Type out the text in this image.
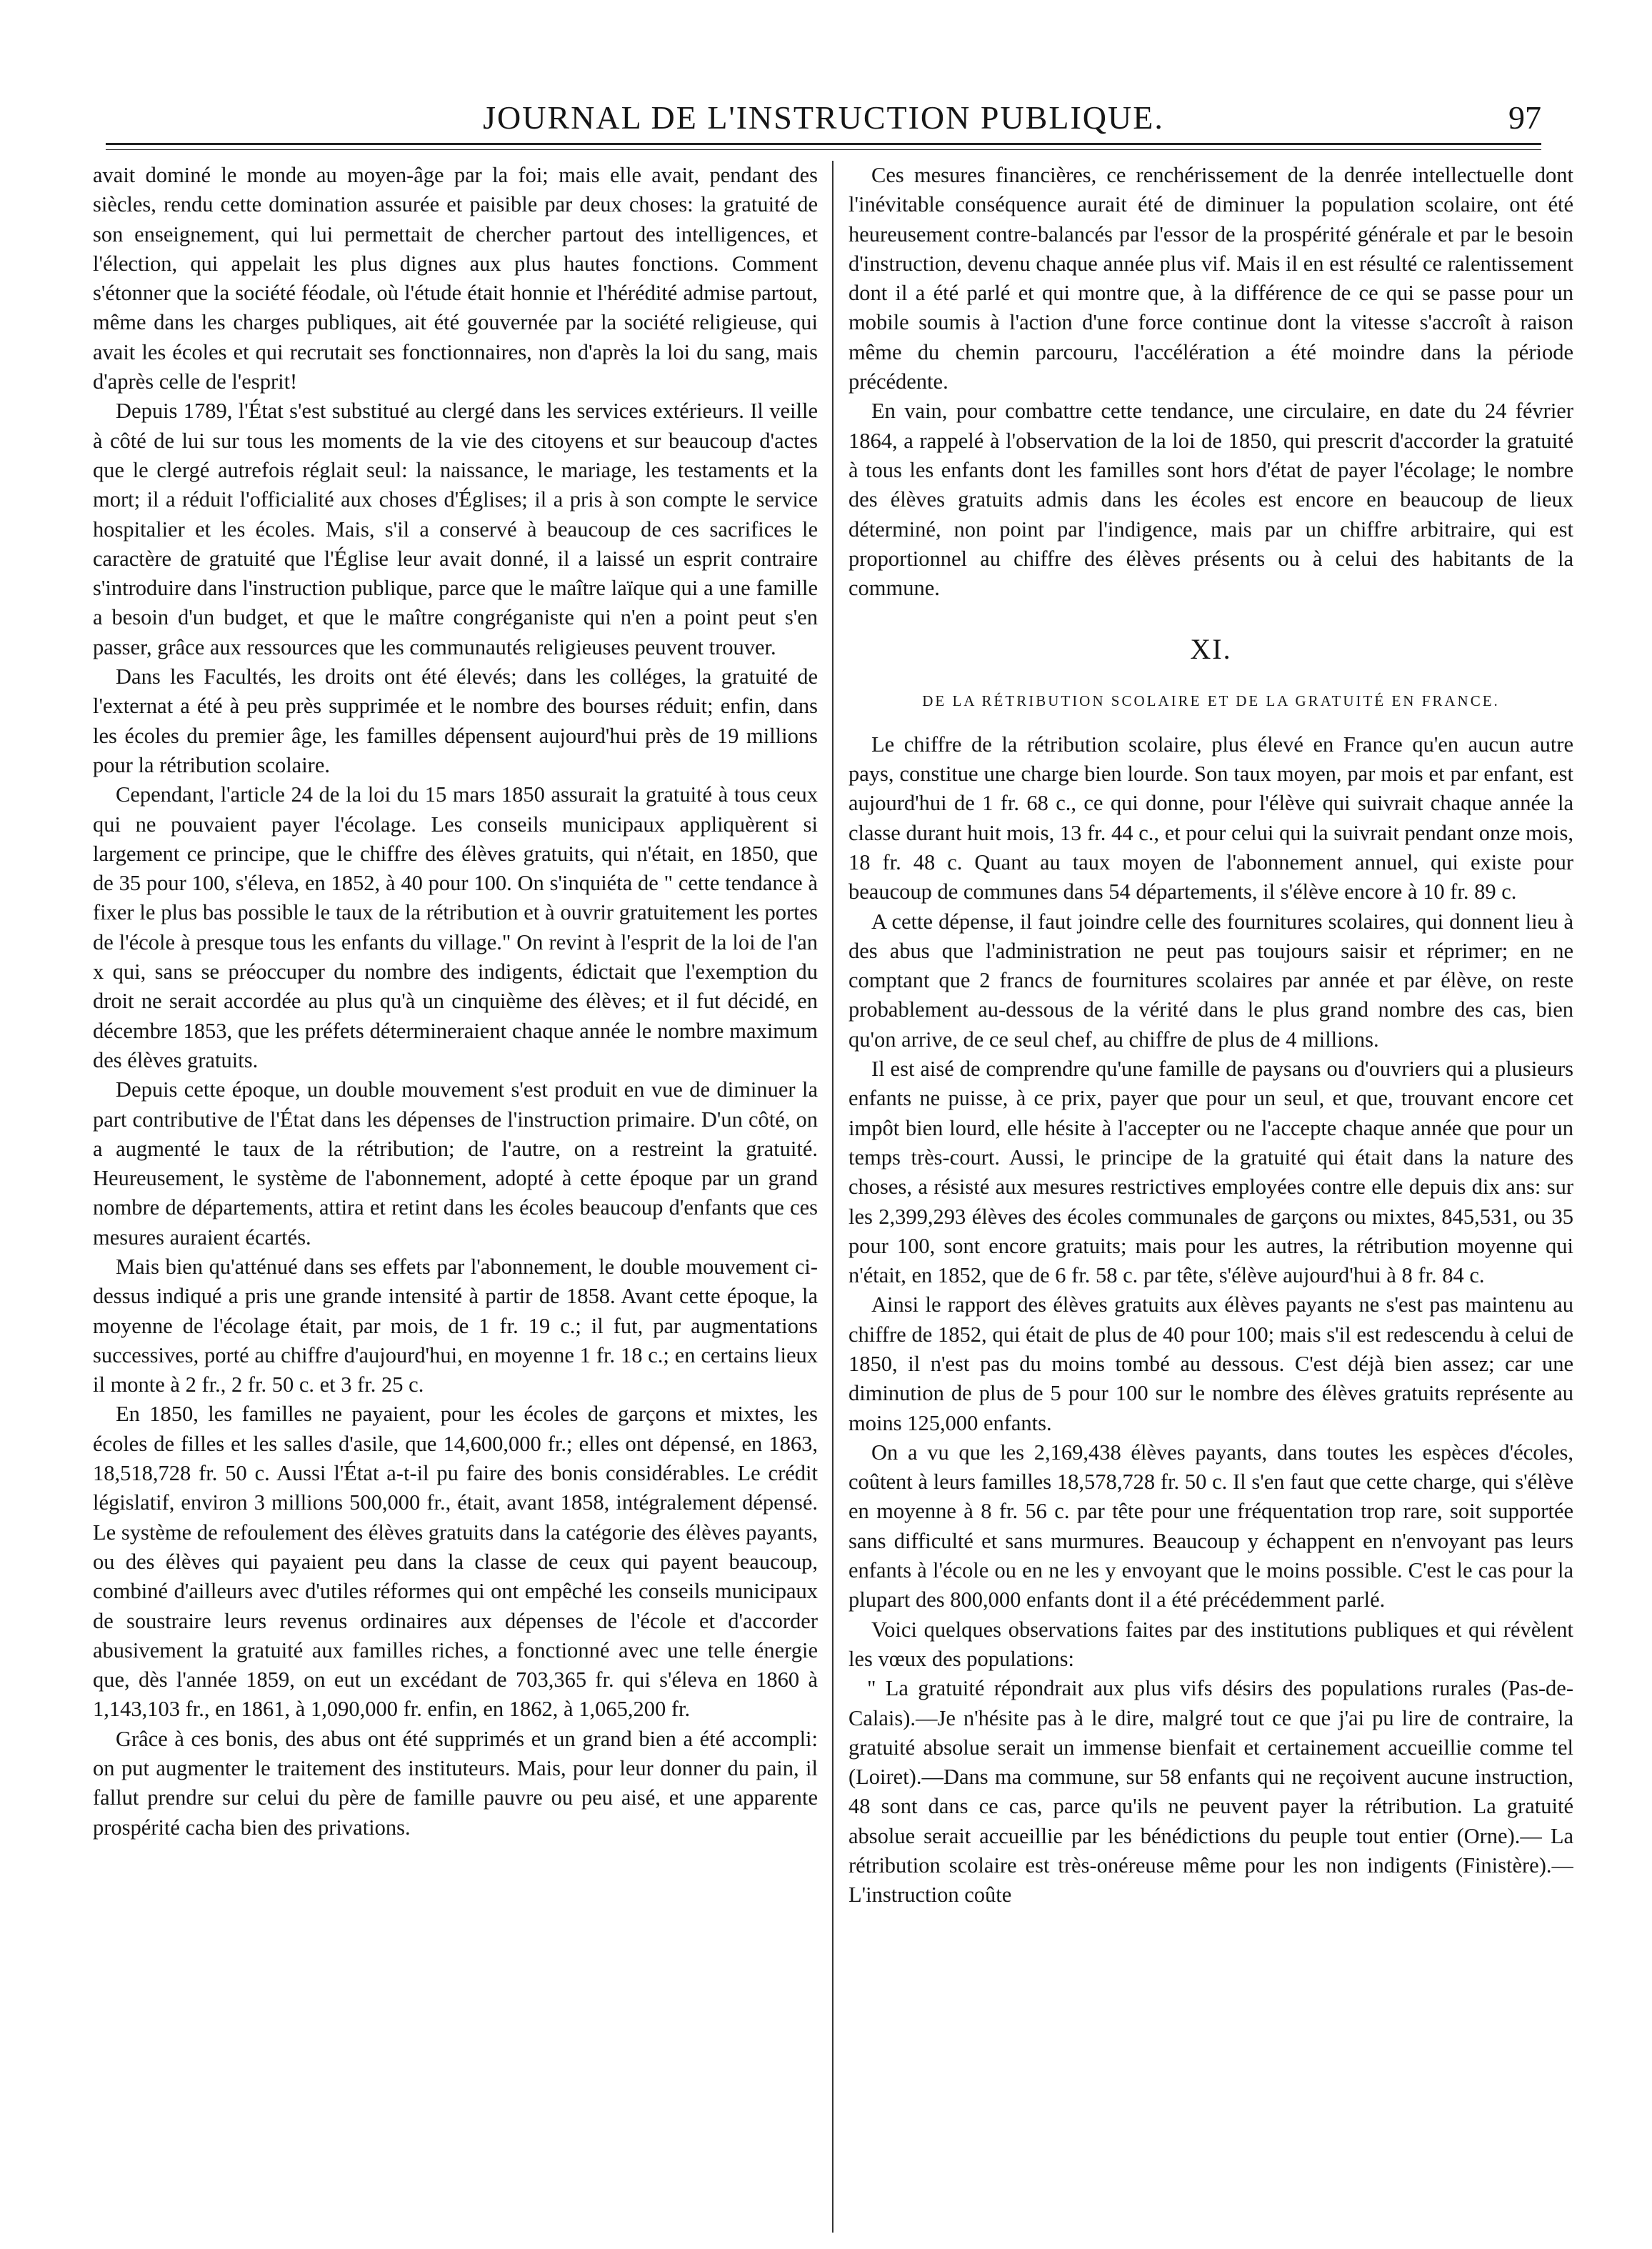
JOURNAL DE L'INSTRUCTION PUBLIQUE.	97

avait dominé le monde au moyen-âge par la foi; mais elle avait, pendant des siècles, rendu cette domination assurée et paisible par deux choses: la gratuité de son enseignement, qui lui permettait de chercher partout des intelligences, et l'élection, qui appelait les plus dignes aux plus hautes fonctions. Comment s'étonner que la société féodale, où l'étude était honnie et l'hérédité admise partout, même dans les charges publiques, ait été gouvernée par la société religieuse, qui avait les écoles et qui recrutait ses fonctionnaires, non d'après la loi du sang, mais d'après celle de l'esprit!

Depuis 1789, l'État s'est substitué au clergé dans les services extérieurs. Il veille à côté de lui sur tous les moments de la vie des citoyens et sur beaucoup d'actes que le clergé autrefois réglait seul: la naissance, le mariage, les testaments et la mort; il a réduit l'officialité aux choses d'Églises; il a pris à son compte le service hospitalier et les écoles. Mais, s'il a conservé à beaucoup de ces sacrifices le caractère de gratuité que l'Église leur avait donné, il a laissé un esprit contraire s'introduire dans l'instruction publique, parce que le maître laïque qui a une famille a besoin d'un budget, et que le maître congréganiste qui n'en a point peut s'en passer, grâce aux ressources que les communautés religieuses peuvent trouver.

Dans les Facultés, les droits ont été élevés; dans les colléges, la gratuité de l'externat a été à peu près supprimée et le nombre des bourses réduit; enfin, dans les écoles du premier âge, les familles dépensent aujourd'hui près de 19 millions pour la rétribution scolaire.

Cependant, l'article 24 de la loi du 15 mars 1850 assurait la gratuité à tous ceux qui ne pouvaient payer l'écolage. Les conseils municipaux appliquèrent si largement ce principe, que le chiffre des élèves gratuits, qui n'était, en 1850, que de 35 pour 100, s'éleva, en 1852, à 40 pour 100. On s'inquiéta de " cette tendance à fixer le plus bas possible le taux de la rétribution et à ouvrir gratuitement les portes de l'école à presque tous les enfants du village." On revint à l'esprit de la loi de l'an x qui, sans se préoccuper du nombre des indigents, édictait que l'exemption du droit ne serait accordée au plus qu'à un cinquième des élèves; et il fut décidé, en décembre 1853, que les préfets détermineraient chaque année le nombre maximum des élèves gratuits.

Depuis cette époque, un double mouvement s'est produit en vue de diminuer la part contributive de l'État dans les dépenses de l'instruction primaire. D'un côté, on a augmenté le taux de la rétribution; de l'autre, on a restreint la gratuité. Heureusement, le système de l'abonnement, adopté à cette époque par un grand nombre de départements, attira et retint dans les écoles beaucoup d'enfants que ces mesures auraient écartés.

Mais bien qu'atténué dans ses effets par l'abonnement, le double mouvement ci-dessus indiqué a pris une grande intensité à partir de 1858. Avant cette époque, la moyenne de l'écolage était, par mois, de 1 fr. 19 c.; il fut, par augmentations successives, porté au chiffre d'aujourd'hui, en moyenne 1 fr. 18 c.; en certains lieux il monte à 2 fr., 2 fr. 50 c. et 3 fr. 25 c.

En 1850, les familles ne payaient, pour les écoles de garçons et mixtes, les écoles de filles et les salles d'asile, que 14,600,000 fr.; elles ont dépensé, en 1863, 18,518,728 fr. 50 c. Aussi l'État a-t-il pu faire des bonis considérables. Le crédit législatif, environ 3 millions 500,000 fr., était, avant 1858, intégralement dépensé. Le système de refoulement des élèves gratuits dans la catégorie des élèves payants, ou des élèves qui payaient peu dans la classe de ceux qui payent beaucoup, combiné d'ailleurs avec d'utiles réformes qui ont empêché les conseils municipaux de soustraire leurs revenus ordinaires aux dépenses de l'école et d'accorder abusivement la gratuité aux familles riches, a fonctionné avec une telle énergie que, dès l'année 1859, on eut un excédant de 703,365 fr. qui s'éleva en 1860 à 1,143,103 fr., en 1861, à 1,090,000 fr. enfin, en 1862, à 1,065,200 fr.

Grâce à ces bonis, des abus ont été supprimés et un grand bien a été accompli: on put augmenter le traitement des instituteurs. Mais, pour leur donner du pain, il fallut prendre sur celui du père de famille pauvre ou peu aisé, et une apparente prospérité cacha bien des privations.

Ces mesures financières, ce renchérissement de la denrée intellectuelle dont l'inévitable conséquence aurait été de diminuer la population scolaire, ont été heureusement contre-balancés par l'essor de la prospérité générale et par le besoin d'instruction, devenu chaque année plus vif. Mais il en est résulté ce ralentissement dont il a été parlé et qui montre que, à la différence de ce qui se passe pour un mobile soumis à l'action d'une force continue dont la vitesse s'accroît à raison même du chemin parcouru, l'accélération a été moindre dans la période précédente.

En vain, pour combattre cette tendance, une circulaire, en date du 24 février 1864, a rappelé à l'observation de la loi de 1850, qui prescrit d'accorder la gratuité à tous les enfants dont les familles sont hors d'état de payer l'écolage; le nombre des élèves gratuits admis dans les écoles est encore en beaucoup de lieux déterminé, non point par l'indigence, mais par un chiffre arbitraire, qui est proportionnel au chiffre des élèves présents ou à celui des habitants de la commune.

XI.
DE LA RÉTRIBUTION SCOLAIRE ET DE LA GRATUITÉ EN FRANCE.

Le chiffre de la rétribution scolaire, plus élevé en France qu'en aucun autre pays, constitue une charge bien lourde. Son taux moyen, par mois et par enfant, est aujourd'hui de 1 fr. 68 c., ce qui donne, pour l'élève qui suivrait chaque année la classe durant huit mois, 13 fr. 44 c., et pour celui qui la suivrait pendant onze mois, 18 fr. 48 c. Quant au taux moyen de l'abonnement annuel, qui existe pour beaucoup de communes dans 54 départements, il s'élève encore à 10 fr. 89 c.

A cette dépense, il faut joindre celle des fournitures scolaires, qui donnent lieu à des abus que l'administration ne peut pas toujours saisir et réprimer; en ne comptant que 2 francs de fournitures scolaires par année et par élève, on reste probablement au-dessous de la vérité dans le plus grand nombre des cas, bien qu'on arrive, de ce seul chef, au chiffre de plus de 4 millions.

Il est aisé de comprendre qu'une famille de paysans ou d'ouvriers qui a plusieurs enfants ne puisse, à ce prix, payer que pour un seul, et que, trouvant encore cet impôt bien lourd, elle hésite à l'accepter ou ne l'accepte chaque année que pour un temps très-court. Aussi, le principe de la gratuité qui était dans la nature des choses, a résisté aux mesures restrictives employées contre elle depuis dix ans: sur les 2,399,293 élèves des écoles communales de garçons ou mixtes, 845,531, ou 35 pour 100, sont encore gratuits; mais pour les autres, la rétribution moyenne qui n'était, en 1852, que de 6 fr. 58 c. par tête, s'élève aujourd'hui à 8 fr. 84 c.

Ainsi le rapport des élèves gratuits aux élèves payants ne s'est pas maintenu au chiffre de 1852, qui était de plus de 40 pour 100; mais s'il est redescendu à celui de 1850, il n'est pas du moins tombé au dessous. C'est déjà bien assez; car une diminution de plus de 5 pour 100 sur le nombre des élèves gratuits représente au moins 125,000 enfants.

On a vu que les 2,169,438 élèves payants, dans toutes les espèces d'écoles, coûtent à leurs familles 18,578,728 fr. 50 c. Il s'en faut que cette charge, qui s'élève en moyenne à 8 fr. 56 c. par tête pour une fréquentation trop rare, soit supportée sans difficulté et sans murmures. Beaucoup y échappent en n'envoyant pas leurs enfants à l'école ou en ne les y envoyant que le moins possible. C'est le cas pour la plupart des 800,000 enfants dont il a été précédemment parlé.

Voici quelques observations faites par des institutions publiques et qui révèlent les vœux des populations:

" La gratuité répondrait aux plus vifs désirs des populations rurales (Pas-de-Calais).—Je n'hésite pas à le dire, malgré tout ce que j'ai pu lire de contraire, la gratuité absolue serait un immense bienfait et certainement accueillie comme tel (Loiret).—Dans ma commune, sur 58 enfants qui ne reçoivent aucune instruction, 48 sont dans ce cas, parce qu'ils ne peuvent payer la rétribution. La gratuité absolue serait accueillie par les bénédictions du peuple tout entier (Orne).— La rétribution scolaire est très-onéreuse même pour les non indigents (Finistère).—L'instruction coûte
